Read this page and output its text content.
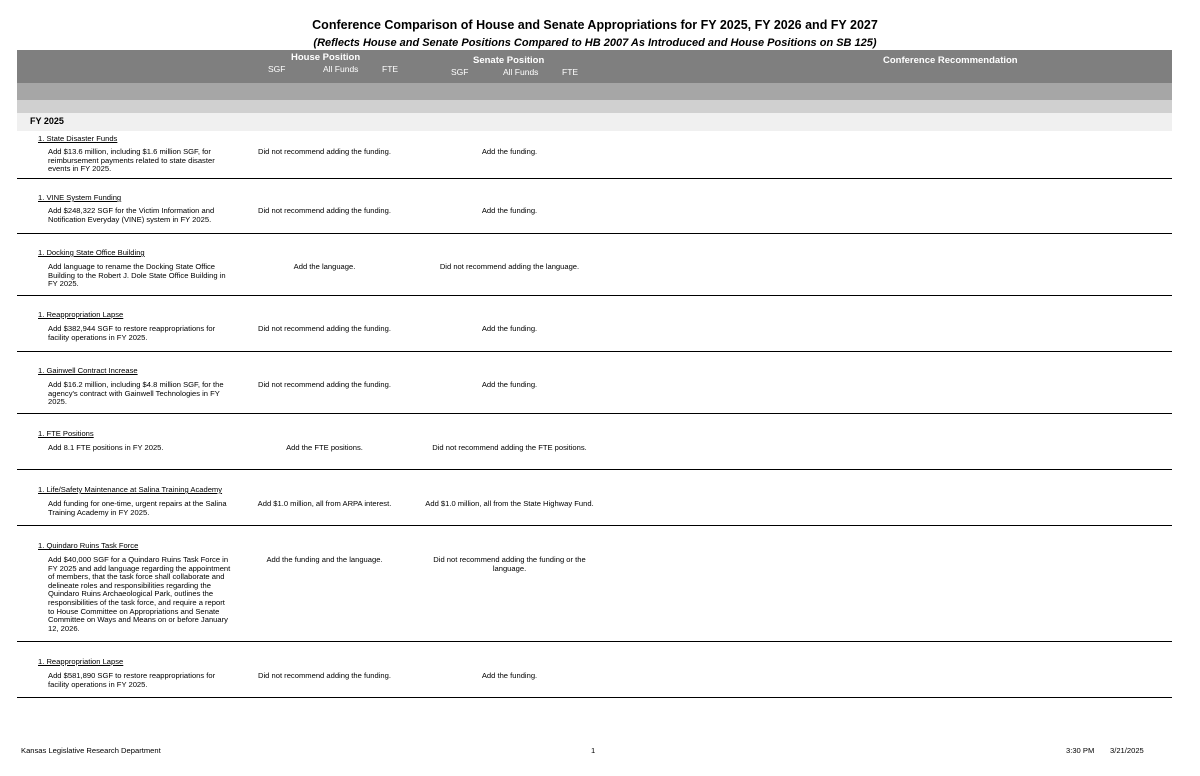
Conference Comparison of House and Senate Appropriations for FY 2025, FY 2026 and FY 2027
(Reflects House and Senate Positions Compared to HB 2007 As Introduced and House Positions on SB 125)
House Position
SGF	All Funds	FTE
Senate Position
SGF	All Funds	FTE
Conference Recommendation
FY 2025
1. State Disaster Funds
Add $13.6 million, including $1.6 million SGF, for reimbursement payments related to state disaster events in FY 2025.
Did not recommend adding the funding.	Add the funding.
1. VINE System Funding
Add $248,322 SGF for the Victim Information and Notification Everyday (VINE) system in FY 2025.
Did not recommend adding the funding.	Add the funding.
1. Docking State Office Building
Add language to rename the Docking State Office Building to the Robert J. Dole State Office Building in FY 2025.
Add the language.	Did not recommend adding the language.
1. Reappropriation Lapse
Add $382,944 SGF to restore reappropriations for facility operations in FY 2025.
Did not recommend adding the funding.	Add the funding.
1. Gainwell Contract Increase
Add $16.2 million, including $4.8 million SGF, for the agency's contract with Gainwell Technologies in FY 2025.
Did not recommend adding the funding.	Add the funding.
1. FTE Positions
Add 8.1 FTE positions in FY 2025.	Add the FTE positions.	Did not recommend adding the FTE positions.
1. Life/Safety Maintenance at Salina Training Academy
Add funding for one-time, urgent repairs at the Salina Training Academy in FY 2025.
Add $1.0 million, all from ARPA interest.	Add $1.0 million, all from the State Highway Fund.
1. Quindaro Ruins Task Force
Add $40,000 SGF for a Quindaro Ruins Task Force in FY 2025 and add language regarding the appointment of members, that the task force shall collaborate and delineate roles and responsibilities regarding the Quindaro Ruins Archaeological Park, outlines the responsibilities of the task force, and require a report to House Committee on Appropriations and Senate Committee on Ways and Means on or before January 12, 2026.
Add the funding and the language.	Did not recommend adding the funding or the language.
1. Reappropriation Lapse
Add $581,890 SGF to restore reappropriations for facility operations in FY 2025.
Did not recommend adding the funding.	Add the funding.
Kansas Legislative Research Department	1	3:30 PM 3/21/2025
